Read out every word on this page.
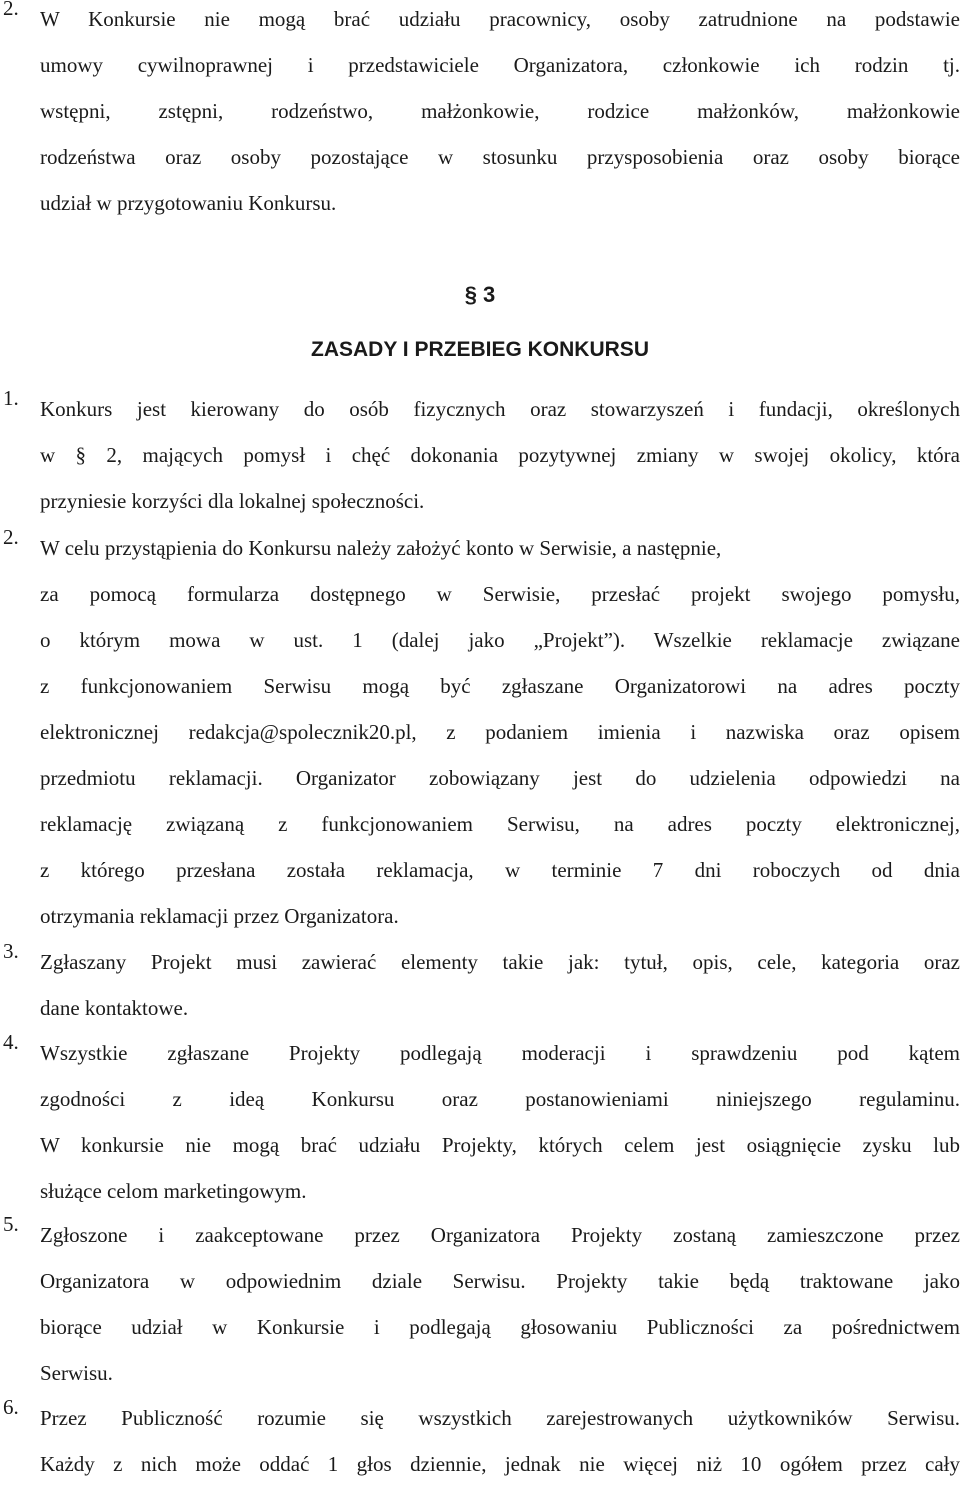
2. W Konkursie nie mogą brać udziału pracownicy, osoby zatrudnione na podstawie
umowy cywilnoprawnej i przedstawiciele Organizatora, członkowie ich rodzin tj.
wstępni, zstępni, rodzeństwo, małżonkowie, rodzice małżonków, małżonkowie
rodzeństwa oraz osoby pozostające w stosunku przysposobienia oraz osoby biorące
udział w przygotowaniu Konkursu.
§ 3
ZASADY I PRZEBIEG KONKURSU
1. Konkurs jest kierowany do osób fizycznych oraz stowarzyszeń i fundacji, określonych
w § 2, mających pomysł i chęć dokonania pozytywnej zmiany w swojej okolicy, która
przyniesie korzyści dla lokalnej społeczności.
2. W celu przystąpienia do Konkursu należy założyć konto w Serwisie, a następnie,
za pomocą formularza dostępnego w Serwisie, przesłać projekt swojego pomysłu,
o którym mowa w ust. 1 (dalej jako „Projekt”). Wszelkie reklamacje związane
z funkcjonowaniem Serwisu mogą być zgłaszane Organizatorowi na adres poczty
elektronicznej redakcja@spolecznik20.pl, z podaniem imienia i nazwiska oraz opisem
przedmiotu reklamacji. Organizator zobowiązany jest do udzielenia odpowiedzi na
reklamację związaną z funkcjonowaniem Serwisu, na adres poczty elektronicznej,
z którego przesłana została reklamacja, w terminie 7 dni roboczych od dnia
otrzymania reklamacji przez Organizatora.
3. Zgłaszany Projekt musi zawierać elementy takie jak: tytuł, opis, cele, kategoria oraz
dane kontaktowe.
4. Wszystkie zgłaszane Projekty podlegają moderacji i sprawdzeniu pod kątem
zgodności z ideą Konkursu oraz postanowieniami niniejszego regulaminu.
W konkursie nie mogą brać udziału Projekty, których celem jest osiągnięcie zysku lub
służące celom marketingowym.
5. Zgłoszone i zaakceptowane przez Organizatora Projekty zostaną zamieszczone przez
Organizatora w odpowiednim dziale Serwisu. Projekty takie będą traktowane jako
biorące udział w Konkursie i podlegają głosowaniu Publiczności za pośrednictwem
Serwisu.
6. Przez Publiczność rozumie się wszystkich zarejestrowanych użytkowników Serwisu.
Każdy z nich może oddać 1 głos dziennie, jednak nie więcej niż 10 ogółem przez cały
